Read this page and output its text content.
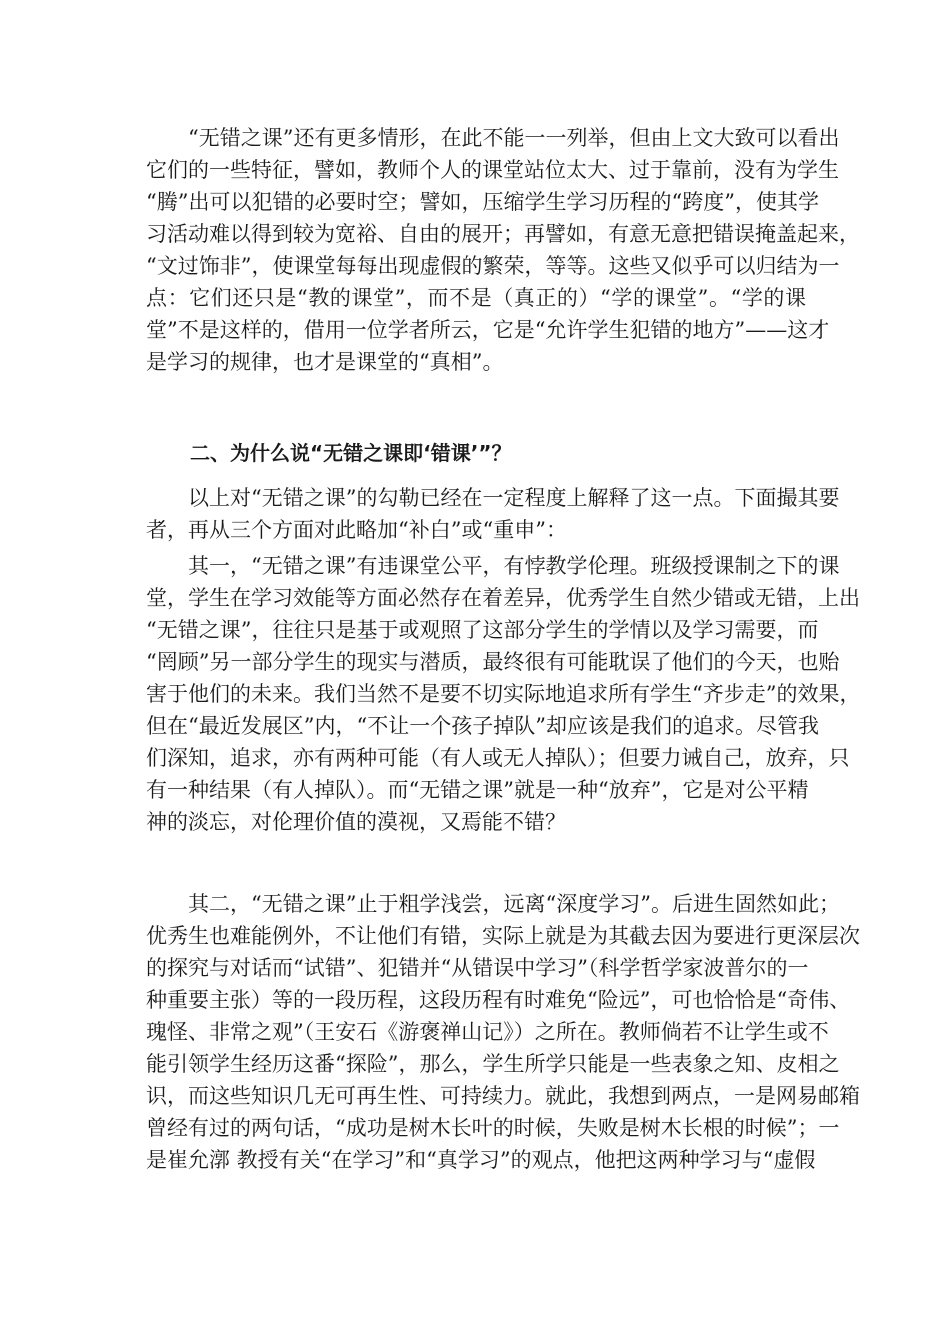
“无错之课”还有更多情形，在此不能一一列举，但由上文大致可以看出
它们的一些特征，譬如，教师个人的课堂站位太大、过于靠前，没有为学生
“腾”出可以犯错的必要时空；譬如，压缩学生学习历程的“跨度”，使其学
习活动难以得到较为宽裕、自由的展开；再譬如，有意无意把错误掩盖起来，
“文过饰非”，使课堂每每出现虚假的繁荣，等等。这些又似乎可以归结为一
点：它们还只是“教的课堂”，而不是（真正的）“学的课堂”。“学的课
堂”不是这样的，借用一位学者所云，它是“允许学生犯错的地方”——这才
是学习的规律，也才是课堂的“真相”。
二、为什么说“无错之课即‘错课’”？
以上对“无错之课”的勾勒已经在一定程度上解释了这一点。下面撮其要
者，再从三个方面对此略加“补白”或“重申”：
其一，“无错之课”有违课堂公平，有悖教学伦理。班级授课制之下的课
堂，学生在学习效能等方面必然存在着差异，优秀学生自然少错或无错，上出
“无错之课”，往往只是基于或观照了这部分学生的学情以及学习需要，而
“罔顾”另一部分学生的现实与潜质，最终很有可能耽误了他们的今天，也贻
害于他们的未来。我们当然不是要不切实际地追求所有学生“齐步走”的效果，
但在“最近发展区”内，“不让一个孩子掉队”却应该是我们的追求。尽管我
们深知，追求，亦有两种可能（有人或无人掉队）；但要力诫自己，放弃，只
有一种结果（有人掉队）。而“无错之课”就是一种“放弃”，它是对公平精
神的淡忘，对伦理价值的漠视，又焉能不错？
其二，“无错之课”止于粗学浅尝，远离“深度学习”。后进生固然如此；
优秀生也难能例外，不让他们有错，实际上就是为其截去因为要进行更深层次
的探究与对话而“试错”、犯错并“从错误中学习”（科学哲学家波普尔的一
种重要主张）等的一段历程，这段历程有时难免“险远”，可也恰恰是“奇伟、
瑰怪、非常之观”（王安石《游褒禅山记》）之所在。教师倘若不让学生或不
能引领学生经历这番“探险”，那么，学生所学只能是一些表象之知、皮相之
识，而这些知识几无可再生性、可持续力。就此，我想到两点，一是网易邮箱
曾经有过的两句话，“成功是树木长叶的时候，失败是树木长根的时候”；一
是崔允漷 教授有关“在学习”和“真学习”的观点，他把这两种学习与“虚假
